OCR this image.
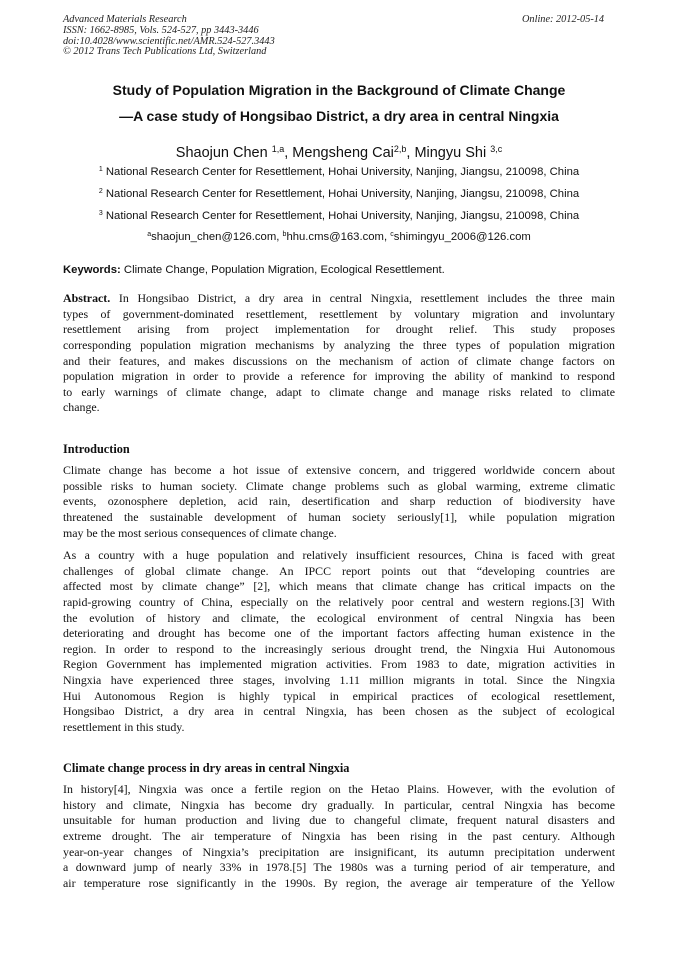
Advanced Materials Research
ISSN: 1662-8985, Vols. 524-527, pp 3443-3446
doi:10.4028/www.scientific.net/AMR.524-527.3443
© 2012 Trans Tech Publications Ltd, Switzerland
Online: 2012-05-14
Study of Population Migration in the Background of Climate Change
—A case study of Hongsibao District, a dry area in central Ningxia
Shaojun Chen $^{1,a}$, Mengsheng Cai$^{2,b}$, Mingyu Shi $^{3,c}$
$^1$ National Research Center for Resettlement, Hohai University, Nanjing, Jiangsu, 210098, China
$^2$ National Research Center for Resettlement, Hohai University, Nanjing, Jiangsu, 210098, China
$^3$ National Research Center for Resettlement, Hohai University, Nanjing, Jiangsu, 210098, China
$^a$shaojun_chen@126.com, $^b$hhu.cms@163.com, $^c$shimingyu_2006@126.com
Keywords: Climate Change, Population Migration, Ecological Resettlement.
Abstract. In Hongsibao District, a dry area in central Ningxia, resettlement includes the three main
types of government-dominated resettlement, resettlement by voluntary migration and involuntary
resettlement arising from project implementation for drought relief. This study proposes
corresponding population migration mechanisms by analyzing the three types of population migration
and their features, and makes discussions on the mechanism of action of climate change factors on
population migration in order to provide a reference for improving the ability of mankind to respond
to early warnings of climate change, adapt to climate change and manage risks related to climate
change.
Introduction
Climate change has become a hot issue of extensive concern, and triggered worldwide concern about
possible risks to human society. Climate change problems such as global warming, extreme climatic
events, ozonosphere depletion, acid rain, desertification and sharp reduction of biodiversity have
threatened the sustainable development of human society seriously[1], while population migration
may be the most serious consequences of climate change.
As a country with a huge population and relatively insufficient resources, China is faced with great
challenges of global climate change. An IPCC report points out that “developing countries are
affected most by climate change” [2], which means that climate change has critical impacts on the
rapid-growing country of China, especially on the relatively poor central and western regions.[3] With
the evolution of history and climate, the ecological environment of central Ningxia has been
deteriorating and drought has become one of the important factors affecting human existence in the
region. In order to respond to the increasingly serious drought trend, the Ningxia Hui Autonomous
Region Government has implemented migration activities. From 1983 to date, migration activities in
Ningxia have experienced three stages, involving 1.11 million migrants in total. Since the Ningxia
Hui Autonomous Region is highly typical in empirical practices of ecological resettlement,
Hongsibao District, a dry area in central Ningxia, has been chosen as the subject of ecological
resettlement in this study.
Climate change process in dry areas in central Ningxia
In history[4], Ningxia was once a fertile region on the Hetao Plains. However, with the evolution of
history and climate, Ningxia has become dry gradually. In particular, central Ningxia has become
unsuitable for human production and living due to changeful climate, frequent natural disasters and
extreme drought. The air temperature of Ningxia has been rising in the past century. Although
year-on-year changes of Ningxia’s precipitation are insignificant, its autumn precipitation underwent
a downward jump of nearly 33% in 1978.[5] The 1980s was a turning period of air temperature, and
air temperature rose significantly in the 1990s. By region, the average air temperature of the Yellow
